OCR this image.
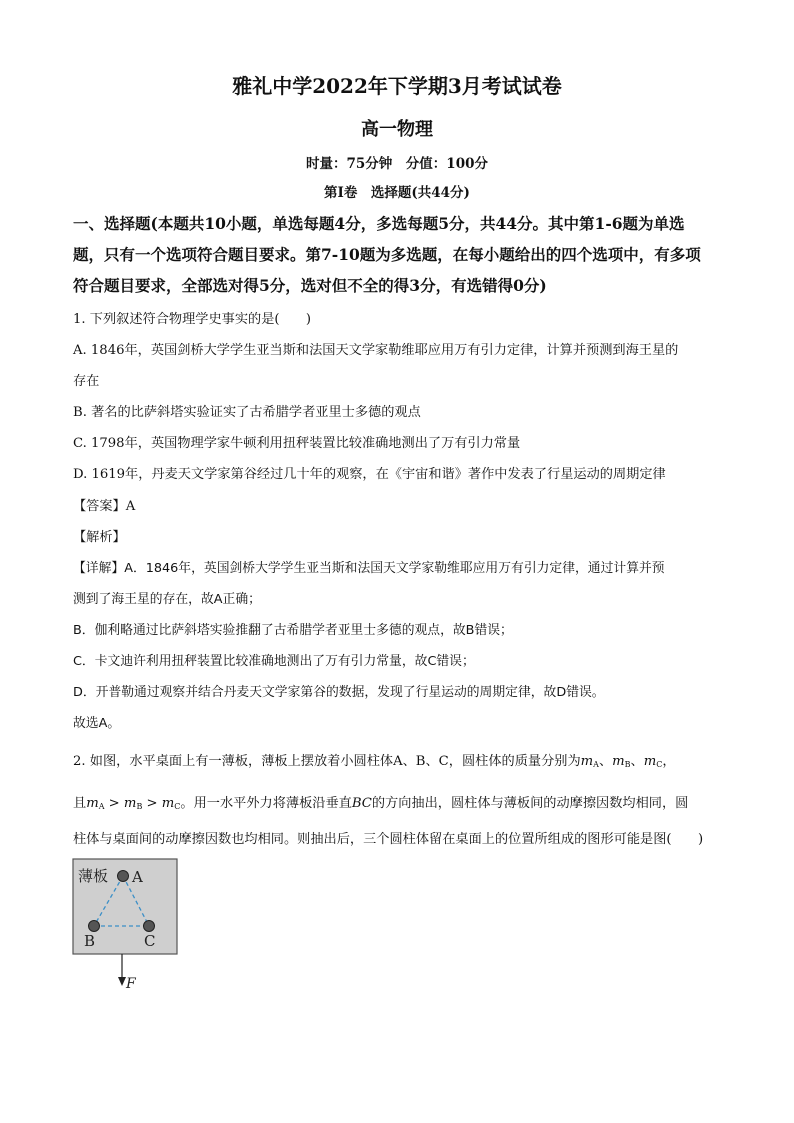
雅礼中学2022年下学期3月考试试卷
高一物理
时量：75分钟　分值：100分
第Ⅰ卷　选择题(共44分)
一、选择题(本题共10小题，单选每题4分，多选每题5分，共44分。其中第1-6题为单选
题，只有一个选项符合题目要求。第7-10题为多选题，在每小题给出的四个选项中，有多项
符合题目要求，全部选对得5分，选对但不全的得3分，有选错得0分)
1. 下列叙述符合物理学史事实的是(　　)
A. 1846年，英国剑桥大学学生亚当斯和法国天文学家勒维耶应用万有引力定律，计算并预测到海王星的
存在
B. 著名的比萨斜塔实验证实了古希腊学者亚里士多德的观点
C. 1798年，英国物理学家牛顿利用扭秤装置比较准确地测出了万有引力常量
D. 1619年，丹麦天文学家第谷经过几十年的观察，在《宇宙和谐》著作中发表了行星运动的周期定律
【答案】A
【解析】
【详解】A．1846年，英国剑桥大学学生亚当斯和法国天文学家勒维耶应用万有引力定律，通过计算并预
测到了海王星的存在，故A正确；
B．伽利略通过比萨斜塔实验推翻了古希腊学者亚里士多德的观点，故B错误；
C．卡文迪许利用扭秤装置比较准确地测出了万有引力常量，故C错误；
D．开普勒通过观察并结合丹麦天文学家第谷的数据，发现了行星运动的周期定律，故D错误。
故选A。
2. 如图，水平桌面上有一薄板，薄板上摆放着小圆柱体A、B、C，圆柱体的质量分别为mA、mB、mC，
且mA > mB > mC。用一水平外力将薄板沿垂直BC的方向抽出，圆柱体与薄板间的动摩擦因数均相同，圆
柱体与桌面间的动摩擦因数也均相同。则抽出后，三个圆柱体留在桌面上的位置所组成的图形可能是图(　　)
薄板 A
B	C
F
